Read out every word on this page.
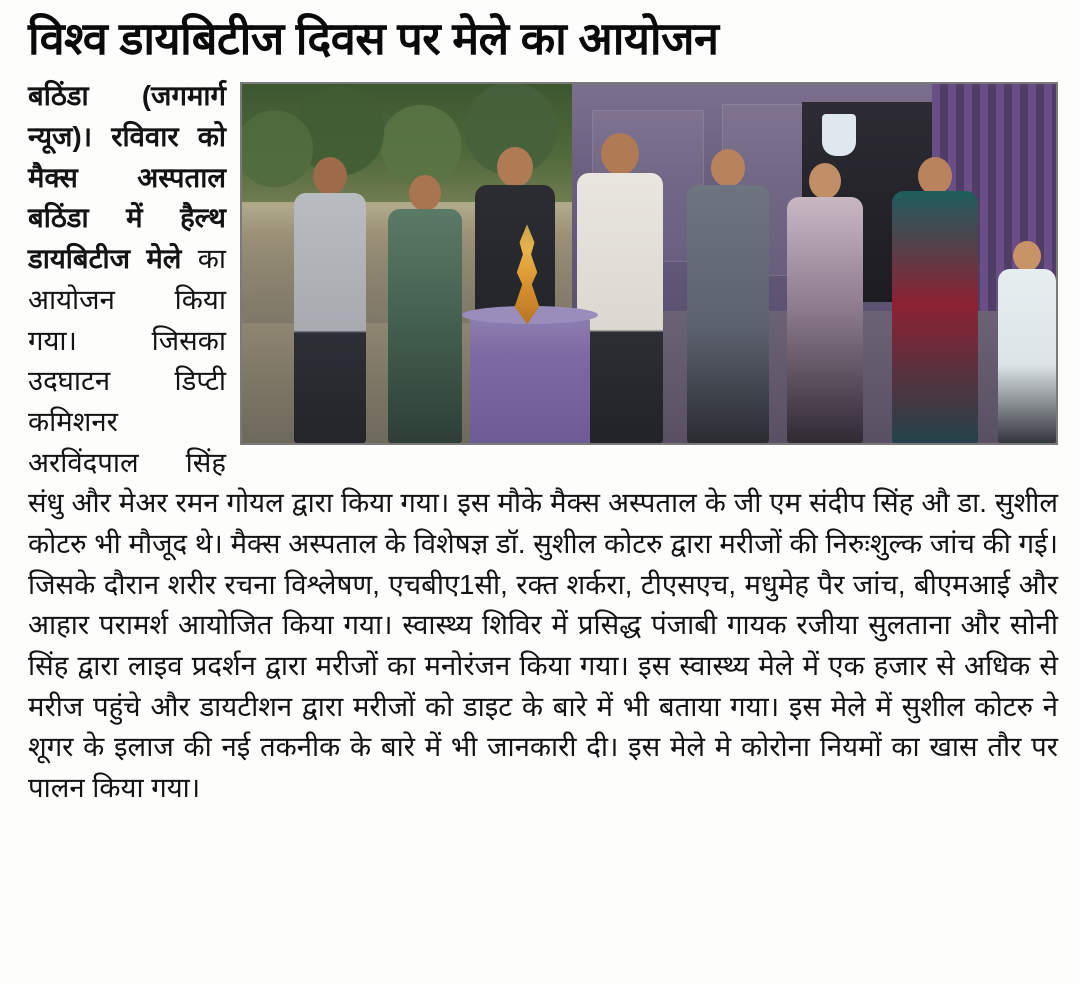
विश्व डायबिटीज दिवस पर मेले का आयोजन
बठिंडा (जगमार्ग न्यूज)। रविवार को मैक्स अस्पताल बठिंडा में हैल्थ डायबिटीज मेले का आयोजन किया गया। जिसका उदघाटन डिप्टी कमिशनर अरविंदपाल सिंह संधु और मेअर रमन गोयल द्वारा किया गया। इस मौके मैक्स अस्पताल के जी एम संदीप सिंह औ डा. सुशील कोटरु भी मौजूद थे। मैक्स अस्पताल के विशेषज्ञ डॉ. सुशील कोटरु द्वारा मरीजों की निरुःशुल्क जांच की गई। जिसके दौरान शरीर रचना विश्लेषण, एचबीए1सी, रक्त शर्करा, टीएसएच, मधुमेह पैर जांच, बीएमआई और आहार परामर्श आयोजित किया गया। स्वास्थ्य शिविर में प्रसिद्ध पंजाबी गायक रजीया सुलताना और सोनी सिंह द्वारा लाइव प्रदर्शन द्वारा मरीजों का मनोरंजन किया गया। इस स्वास्थ्य मेले में एक हजार से अधिक से मरीज पहुंचे और डायटीशन द्वारा मरीजों को डाइट के बारे में भी बताया गया। इस मेले में सुशील कोटरु ने शूगर के इलाज की नई तकनीक के बारे में भी जानकारी दी। इस मेले मे कोरोना नियमों का खास तौर पर पालन किया गया।
